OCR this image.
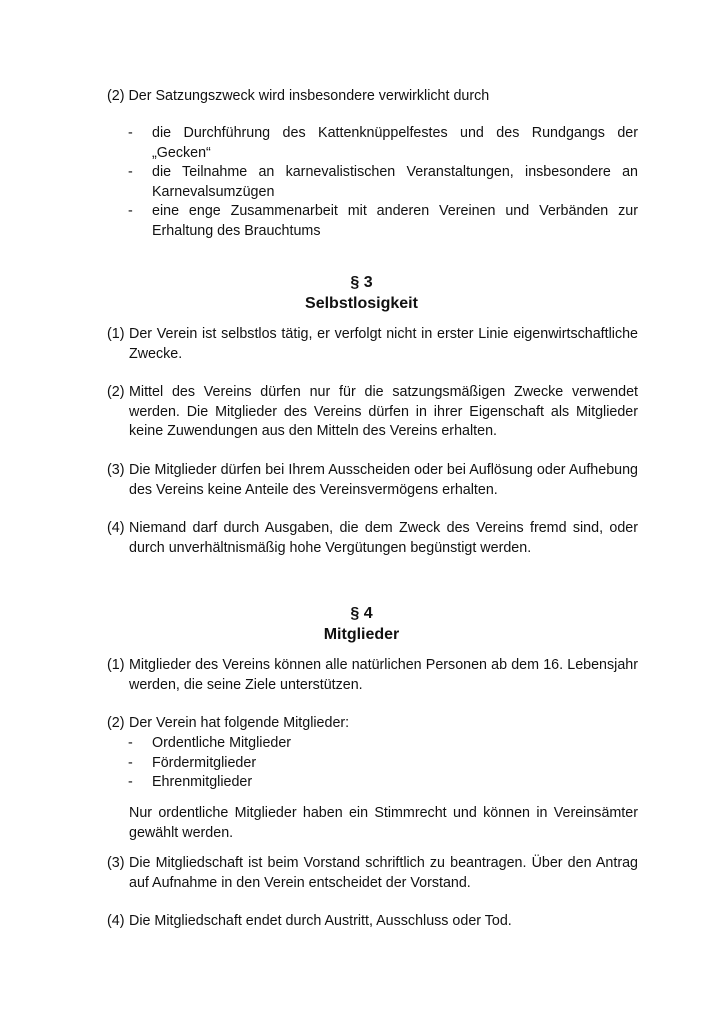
(2) Der Satzungszweck wird insbesondere verwirklicht durch
- die Durchführung des Kattenknüppelfestes und des Rundgangs der „Gecken“
- die Teilnahme an karnevalistischen Veranstaltungen, insbesondere an Karnevalsumzügen
- eine enge Zusammenarbeit mit anderen Vereinen und Verbänden zur Erhaltung des Brauchtums
§ 3
Selbstlosigkeit
(1) Der Verein ist selbstlos tätig, er verfolgt nicht in erster Linie eigenwirtschaftliche Zwecke.
(2) Mittel des Vereins dürfen nur für die satzungsmäßigen Zwecke verwendet werden. Die Mitglieder des Vereins dürfen in ihrer Eigenschaft als Mitglieder keine Zuwendungen aus den Mitteln des Vereins erhalten.
(3) Die Mitglieder dürfen bei Ihrem Ausscheiden oder bei Auflösung oder Aufhebung des Vereins keine Anteile des Vereinsvermögens erhalten.
(4) Niemand darf durch Ausgaben, die dem Zweck des Vereins fremd sind, oder durch unverhältnismäßig hohe Vergütungen begünstigt werden.
§ 4
Mitglieder
(1) Mitglieder des Vereins können alle natürlichen Personen ab dem 16. Lebensjahr werden, die seine Ziele unterstützen.
(2) Der Verein hat folgende Mitglieder:
- Ordentliche Mitglieder
- Fördermitglieder
- Ehrenmitglieder
Nur ordentliche Mitglieder haben ein Stimmrecht und können in Vereinsämter gewählt werden.
(3) Die Mitgliedschaft ist beim Vorstand schriftlich zu beantragen. Über den Antrag auf Aufnahme in den Verein entscheidet der Vorstand.
(4) Die Mitgliedschaft endet durch Austritt, Ausschluss oder Tod.
